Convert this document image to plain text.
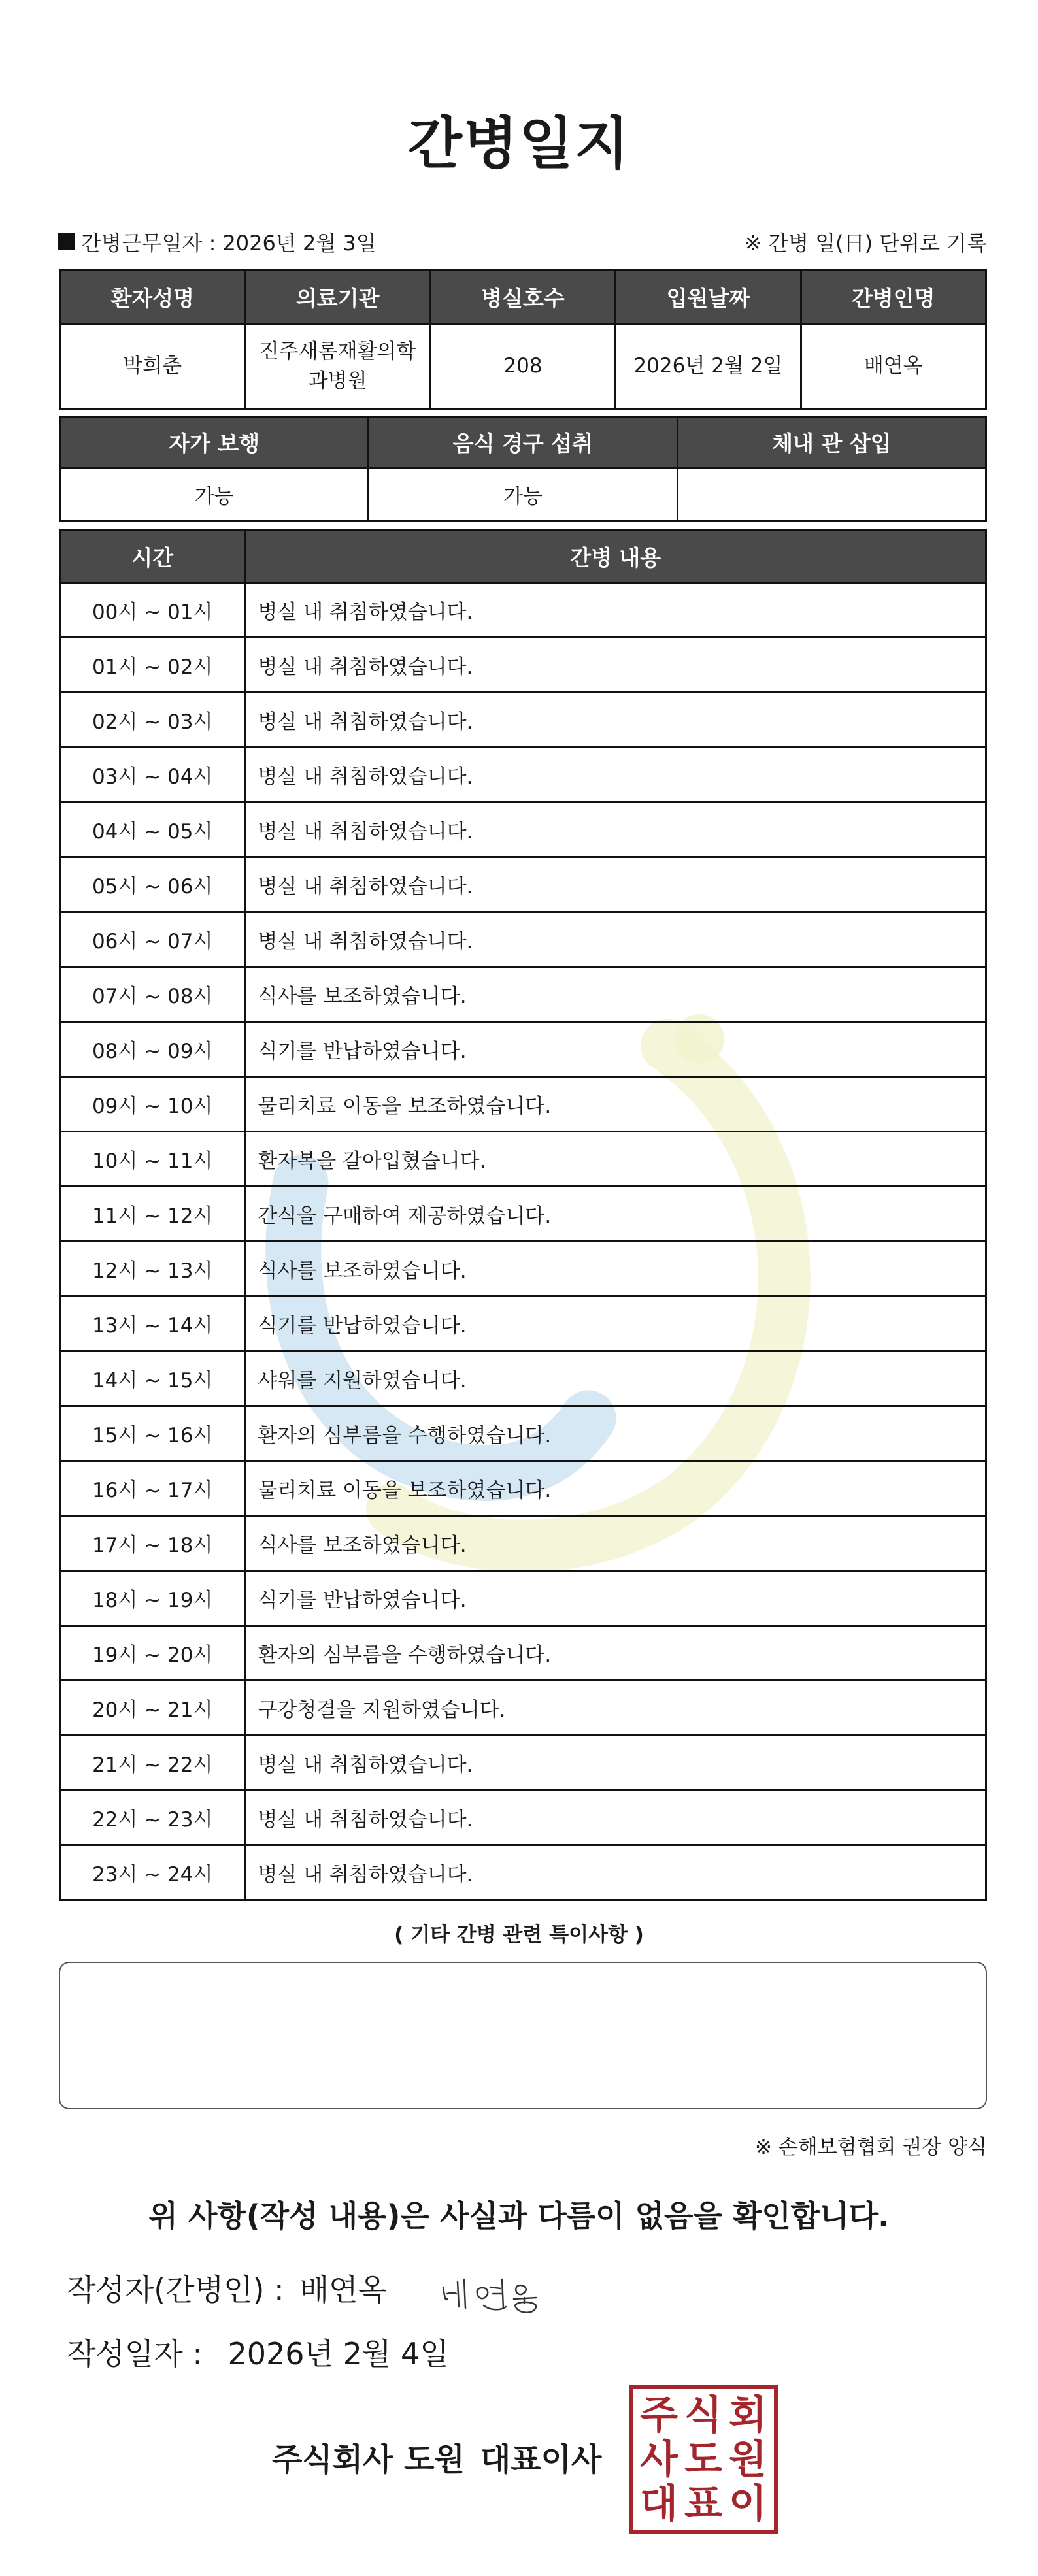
간병일지
간병근무일자 : 2026년 2월 3일	※ 간병 일(日) 단위로 기록
환자성명	의료기관	병실호수	입원날짜	간병인명
박희춘	진주새롬재활의학과병원	208	2026년 2월 2일	배연옥
자가 보행	음식 경구 섭취	체내 관 삽입
가능	가능	
시간	간병 내용
00시 ~ 01시	병실 내 취침하였습니다.
01시 ~ 02시	병실 내 취침하였습니다.
02시 ~ 03시	병실 내 취침하였습니다.
03시 ~ 04시	병실 내 취침하였습니다.
04시 ~ 05시	병실 내 취침하였습니다.
05시 ~ 06시	병실 내 취침하였습니다.
06시 ~ 07시	병실 내 취침하였습니다.
07시 ~ 08시	식사를 보조하였습니다.
08시 ~ 09시	식기를 반납하였습니다.
09시 ~ 10시	물리치료 이동을 보조하였습니다.
10시 ~ 11시	환자복을 갈아입혔습니다.
11시 ~ 12시	간식을 구매하여 제공하였습니다.
12시 ~ 13시	식사를 보조하였습니다.
13시 ~ 14시	식기를 반납하였습니다.
14시 ~ 15시	샤워를 지원하였습니다.
15시 ~ 16시	환자의 심부름을 수행하였습니다.
16시 ~ 17시	물리치료 이동을 보조하였습니다.
17시 ~ 18시	식사를 보조하였습니다.
18시 ~ 19시	식기를 반납하였습니다.
19시 ~ 20시	환자의 심부름을 수행하였습니다.
20시 ~ 21시	구강청결을 지원하였습니다.
21시 ~ 22시	병실 내 취침하였습니다.
22시 ~ 23시	병실 내 취침하였습니다.
23시 ~ 24시	병실 내 취침하였습니다.
( 기타 간병 관련 특이사항 )
※ 손해보험협회 권장 양식
위 사항(작성 내용)은 사실과 다름이 없음을 확인합니다.
작성자(간병인) : 배연옥
작성일자 : 2026년 2월 4일
주식회사 도원 대표이사
주 식 회
사 도 원
대 표 이
